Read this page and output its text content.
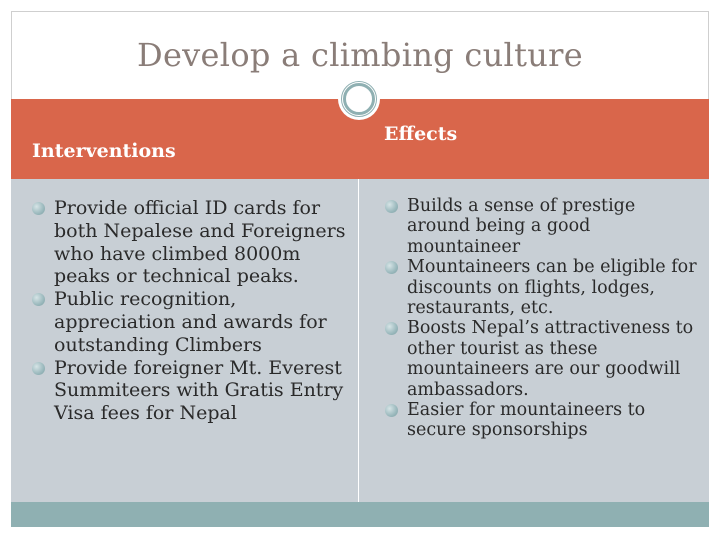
Develop a climbing culture
Interventions
Effects
Provide official ID cards for both Nepalese and Foreigners who have climbed 8000m peaks or technical peaks.
Public recognition, appreciation and awards for outstanding Climbers
Provide foreigner Mt. Everest Summiteers with Gratis Entry Visa fees for Nepal
Builds a sense of prestige around being a good mountaineer
Mountaineers can be eligible for discounts on flights, lodges, restaurants, etc.
Boosts Nepal’s attractiveness to other tourist as these mountaineers are our goodwill ambassadors.
Easier for mountaineers to secure sponsorships
